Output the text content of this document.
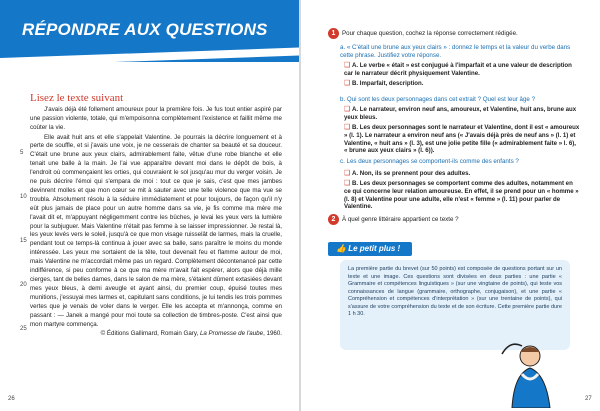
RÉPONDRE AUX QUESTIONS
Lisez le texte suivant

J'avais déjà été follement amoureux pour la première fois. Je fus tout entier aspiré par une passion violente, totale, qui m'empoisonna complètement l'existence et faillit même me coûter la vie.

Elle avait huit ans et elle s'appelait Valentine. Je pourrais la décrire longuement et à perte de souffle, et si j'avais une voix, je ne cesserais de chanter sa beauté et sa douceur. C'était une brune aux yeux clairs, admirablement faite, vêtue d'une robe blanche et elle tenait une balle à la main. Je l'ai vue apparaître devant moi dans le dépôt de bois, à l'endroit où commençaient les orties, qui couvraient le sol jusqu'au mur du verger voisin. Je ne puis décrire l'émoi qui s'empara de moi : tout ce que je sais, c'est que mes jambes devinrent molles et que mon cœur se mit à sauter avec une telle violence que ma vue se troubla. Absolument résolu à la séduire immédiatement et pour toujours, de façon qu'il n'y eût plus jamais de place pour un autre homme dans sa vie, je fis comme ma mère me l'avait dit et, m'appuyant négligemment contre les bûches, je levai les yeux vers la lumière pour la subjuguer. Mais Valentine n'était pas femme à se laisser impressionner. Je restai là, les yeux levés vers le soleil, jusqu'à ce que mon visage ruisselât de larmes, mais la cruelle, pendant tout ce temps-là continua à jouer avec sa balle, sans paraître le moins du monde intéressée. Les yeux me sortaient de la tête, tout devenait feu et flamme autour de moi, mais Valentine ne m'accordait même pas un regard. Complètement décontenancé par cette indifférence, si peu conforme à ce que ma mère m'avait fait espérer, alors que déjà mille cierges, tant de belles dames, dans le salon de ma mère, s'étaient dûment extasiées devant mes yeux bleus, à demi aveugle et ayant ainsi, du premier coup, épuisé toutes mes munitions, j'essuyai mes larmes et, capitulant sans conditions, je lui tendis les trois pommes vertes que je venais de voler dans le verger. Elle les accepta et m'annonça, comme en passant : — Janek a mangé pour moi toute sa collection de timbres-poste. C'est ainsi que mon martyre commença.

© Éditions Gallimard, Romain Gary, La Promesse de l'aube, 1960.

5
10
15
20
25
26
1	Pour chaque question, cochez la réponse correctement rédigée.
a. « C'était une brune aux yeux clairs » : donnez le temps et la valeur du verbe dans cette phrase. Justifiez votre réponse.
❑ A. Le verbe « était » est conjugué à l'imparfait et a une valeur de description car le narrateur décrit physiquement Valentine.
❑ B. Imparfait, description.
b. Qui sont les deux personnages dans cet extrait ? Quel est leur âge ?
❑ A. Le narrateur, environ neuf ans, amoureux, et Valentine, huit ans, brune aux yeux bleus.
❑ B. Les deux personnages sont le narrateur et Valentine, dont il est « amoureux » (l. 1). Le narrateur a environ neuf ans (« J'avais déjà près de neuf ans » (l. 1) et Valentine, « huit ans » (l. 3), est une jolie petite fille (« admirablement faite » l. 6), « brune aux yeux clairs » (l. 6)).
c. Les deux personnages se comportent-ils comme des enfants ?
❑ A. Non, ils se prennent pour des adultes.
❑ B. Les deux personnages se comportent comme des adultes, notamment en ce qui concerne leur relation amoureuse. En effet, il se prend pour un « homme » (l. 8) et Valentine pour une adulte, elle n'est « femme » (l. 11) pour parler de Valentine.
2	À quel genre littéraire appartient ce texte ?
👍 Le petit plus !
La première partie du brevet (sur 50 points) est composée de questions portant sur un texte et une image. Ces questions sont divisées en deux parties : une partie « Grammaire et compétences linguistiques » (sur une vingtaine de points), qui teste vos connaissances de langue (grammaire, orthographe, conjugaison), et une partie « Compréhension et compétences d'interprétation » (sur une trentaine de points), qui s'assure de votre compréhension du texte et de son écriture. Cette première partie dure 1 h 30.
27
